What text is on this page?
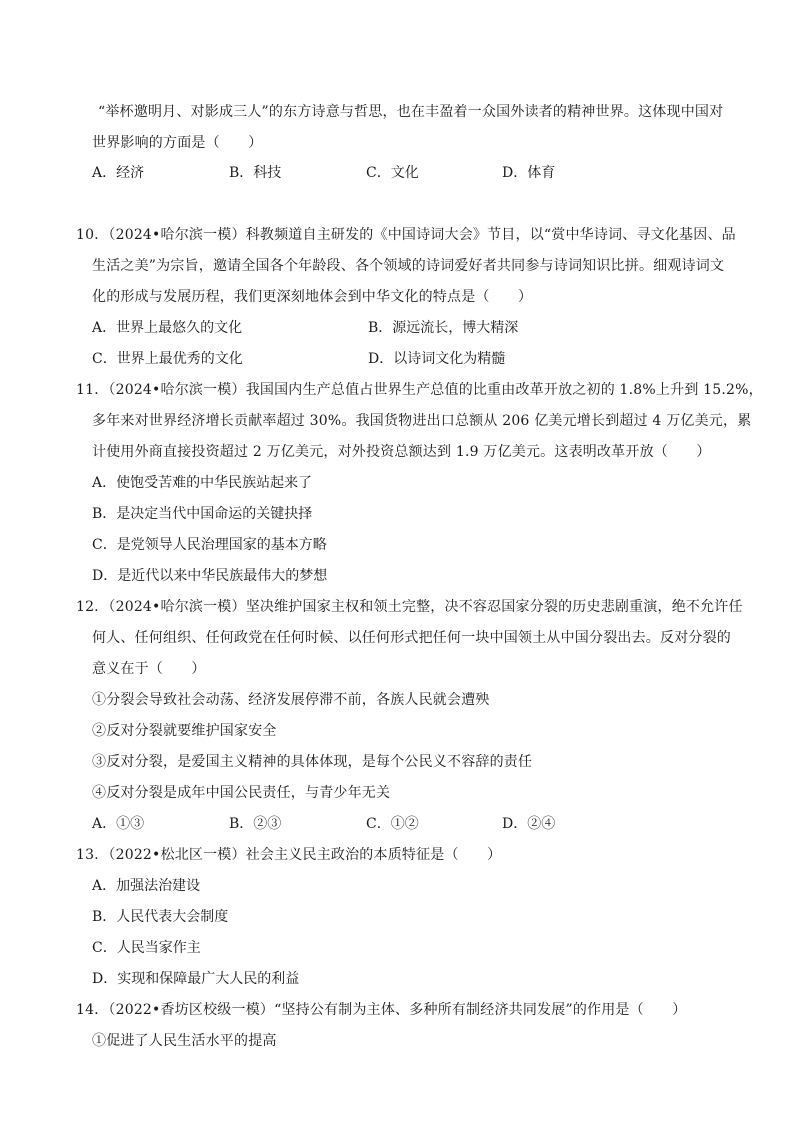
“举杯邀明月、对影成三人”的东方诗意与哲思，也在丰盈着一众国外读者的精神世界。这体现中国对
世界影响的方面是（　　）
A．经济	B．科技	C．文化	D．体育
10．（2024•哈尔滨一模）科教频道自主研发的《中国诗词大会》节目，以“赏中华诗词、寻文化基因、品
生活之美”为宗旨，邀请全国各个年龄段、各个领域的诗词爱好者共同参与诗词知识比拼。细观诗词文
化的形成与发展历程，我们更深刻地体会到中华文化的特点是（　　）
A．世界上最悠久的文化	B．源远流长，博大精深
C．世界上最优秀的文化	D．以诗词文化为精髓
11．（2024•哈尔滨一模）我国国内生产总值占世界生产总值的比重由改革开放之初的 1.8%上升到 15.2%，
多年来对世界经济增长贡献率超过 30%。我国货物进出口总额从 206 亿美元增长到超过 4 万亿美元，累
计使用外商直接投资超过 2 万亿美元，对外投资总额达到 1.9 万亿美元。这表明改革开放（　　）
A．使饱受苦难的中华民族站起来了
B．是决定当代中国命运的关键抉择
C．是党领导人民治理国家的基本方略
D．是近代以来中华民族最伟大的梦想
12．（2024•哈尔滨一模）坚决维护国家主权和领土完整，决不容忍国家分裂的历史悲剧重演，绝不允许任
何人、任何组织、任何政党在任何时候、以任何形式把任何一块中国领土从中国分裂出去。反对分裂的
意义在于（　　）
①分裂会导致社会动荡、经济发展停滞不前，各族人民就会遭殃
②反对分裂就要维护国家安全
③反对分裂，是爱国主义精神的具体体现，是每个公民义不容辞的责任
④反对分裂是成年中国公民责任，与青少年无关
A．①③	B．②③	C．①②	D．②④
13．（2022•松北区一模）社会主义民主政治的本质特征是（　　）
A．加强法治建设
B．人民代表大会制度
C．人民当家作主
D．实现和保障最广大人民的利益
14．（2022•香坊区校级一模）“坚持公有制为主体、多种所有制经济共同发展”的作用是（　　）
①促进了人民生活水平的提高
